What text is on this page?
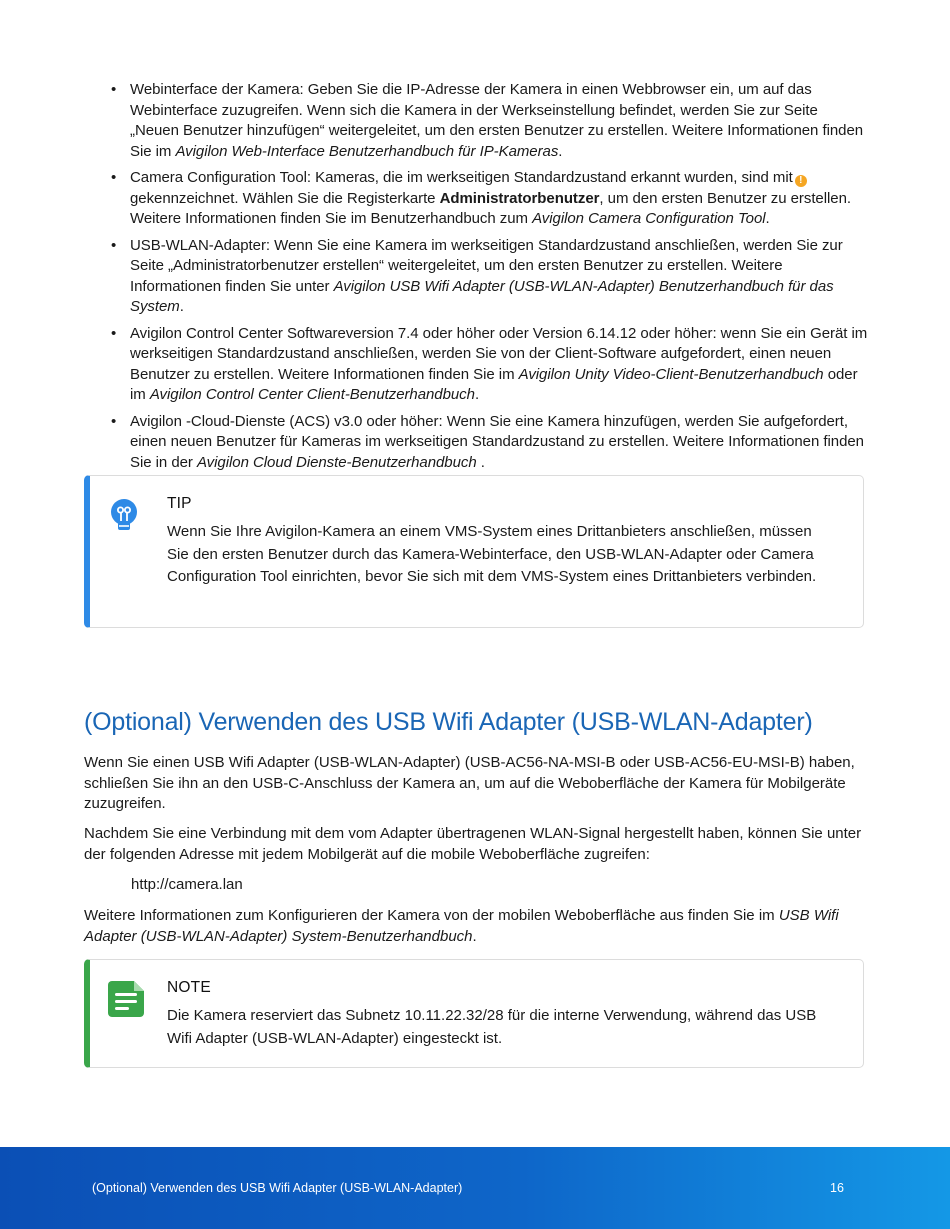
• Webinterface der Kamera: Geben Sie die IP-Adresse der Kamera in einen Webbrowser ein, um auf das Webinterface zuzugreifen. Wenn sich die Kamera in der Werkseinstellung befindet, werden Sie zur Seite „Neuen Benutzer hinzufügen“ weitergeleitet, um den ersten Benutzer zu erstellen. Weitere Informationen finden Sie im Avigilon Web-Interface Benutzerhandbuch für IP-Kameras.
• Camera Configuration Tool: Kameras, die im werkseitigen Standardzustand erkannt wurden, sind mit ! gekennzeichnet. Wählen Sie die Registerkarte Administratorbenutzer, um den ersten Benutzer zu erstellen. Weitere Informationen finden Sie im Benutzerhandbuch zum Avigilon Camera Configuration Tool.
• USB-WLAN-Adapter: Wenn Sie eine Kamera im werkseitigen Standardzustand anschließen, werden Sie zur Seite „Administratorbenutzer erstellen“ weitergeleitet, um den ersten Benutzer zu erstellen. Weitere Informationen finden Sie unter Avigilon USB Wifi Adapter (USB-WLAN-Adapter) Benutzerhandbuch für das System.
• Avigilon Control Center Softwareversion 7.4 oder höher oder Version 6.14.12 oder höher: wenn Sie ein Gerät im werkseitigen Standardzustand anschließen, werden Sie von der Client-Software aufgefordert, einen neuen Benutzer zu erstellen. Weitere Informationen finden Sie im Avigilon Unity Video-Client-Benutzerhandbuch oder im Avigilon Control Center Client-Benutzerhandbuch.
• Avigilon -Cloud-Dienste (ACS) v3.0 oder höher: Wenn Sie eine Kamera hinzufügen, werden Sie aufgefordert, einen neuen Benutzer für Kameras im werkseitigen Standardzustand zu erstellen. Weitere Informationen finden Sie in der Avigilon Cloud Dienste-Benutzerhandbuch .
TIP
Wenn Sie Ihre Avigilon-Kamera an einem VMS-System eines Drittanbieters anschließen, müssen Sie den ersten Benutzer durch das Kamera-Webinterface, den USB-WLAN-Adapter oder Camera Configuration Tool einrichten, bevor Sie sich mit dem VMS-System eines Drittanbieters verbinden.
(Optional) Verwenden des USB Wifi Adapter (USB-WLAN-Adapter)

Wenn Sie einen USB Wifi Adapter (USB-WLAN-Adapter) (USB-AC56-NA-MSI-B oder USB-AC56-EU-MSI-B) haben, schließen Sie ihn an den USB-C-Anschluss der Kamera an, um auf die Weboberfläche der Kamera für Mobilgeräte zuzugreifen.

Nachdem Sie eine Verbindung mit dem vom Adapter übertragenen WLAN-Signal hergestellt haben, können Sie unter der folgenden Adresse mit jedem Mobilgerät auf die mobile Weboberfläche zugreifen:

http://camera.lan

Weitere Informationen zum Konfigurieren der Kamera von der mobilen Weboberfläche aus finden Sie im USB Wifi Adapter (USB-WLAN-Adapter) System-Benutzerhandbuch.

NOTE
Die Kamera reserviert das Subnetz 10.11.22.32/28 für die interne Verwendung, während das USB Wifi Adapter (USB-WLAN-Adapter) eingesteckt ist.
(Optional) Verwenden des USB Wifi Adapter (USB-WLAN-Adapter)	16
